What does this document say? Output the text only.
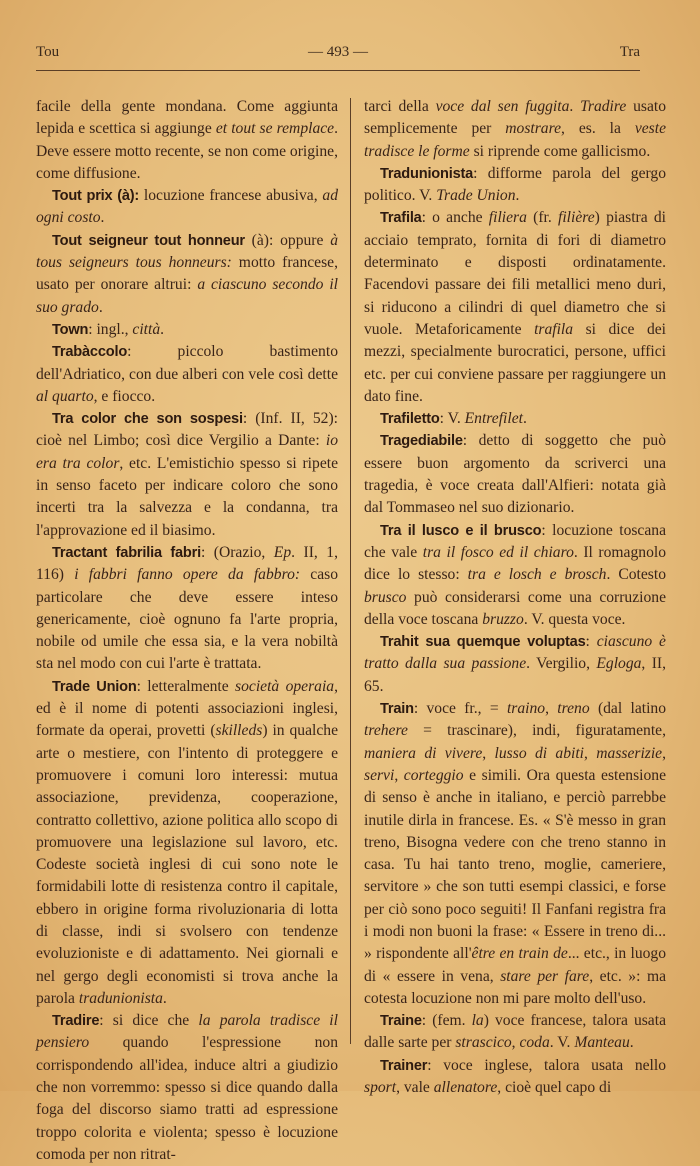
Tou	— 493 —	Tra

facile della gente mondana. Come aggiunta lepida e scettica si aggiunge et tout se remplace. Deve essere motto recente, se non come origine, come diffusione.

Tout prix (à): locuzione francese abusiva, ad ogni costo.

Tout seigneur tout honneur (à): oppure à tous seigneurs tous honneurs: motto francese, usato per onorare altrui: a ciascuno secondo il suo grado.

Town: ingl., città.

Trabàccolo: piccolo bastimento dell'Adriatico, con due alberi con vele così dette al quarto, e fiocco.

Tra color che son sospesi: (Inf. II, 52): cioè nel Limbo; così dice Vergilio a Dante: io era tra color, etc. L'emistichio spesso si ripete in senso faceto per indicare coloro che sono incerti tra la salvezza e la condanna, tra l'approvazione ed il biasimo.

Tractant fabrilia fabri: (Orazio, Ep. II, 1, 116) i fabbri fanno opere da fabbro: caso particolare che deve essere inteso genericamente, cioè ognuno fa l'arte propria, nobile od umile che essa sia, e la vera nobiltà sta nel modo con cui l'arte è trattata.

Trade Union: letteralmente società operaia, ed è il nome di potenti associazioni inglesi, formate da operai, provetti (skilleds) in qualche arte o mestiere, con l'intento di proteggere e promuovere i comuni loro interessi: mutua associazione, previdenza, cooperazione, contratto collettivo, azione politica allo scopo di promuovere una legislazione sul lavoro, etc. Codeste società inglesi di cui sono note le formidabili lotte di resistenza contro il capitale, ebbero in origine forma rivoluzionaria di lotta di classe, indi si svolsero con tendenze evoluzioniste e di adattamento. Nei giornali e nel gergo degli economisti si trova anche la parola tradunionista.

Tradire: si dice che la parola tradisce il pensiero quando l'espressione non corrispondendo all'idea, induce altri a giudizio che non vorremmo: spesso si dice quando dalla foga del discorso siamo tratti ad espressione troppo colorita e violenta; spesso è locuzione comoda per non ritrat-

tarci della voce dal sen fuggita. Tradire usato semplicemente per mostrare, es. la veste tradisce le forme si riprende come gallicismo.

Tradunionista: difforme parola del gergo politico. V. Trade Union.

Trafila: o anche filiera (fr. filière) piastra di acciaio temprato, fornita di fori di diametro determinato e disposti ordinatamente. Facendovi passare dei fili metallici meno duri, si riducono a cilindri di quel diametro che si vuole. Metaforicamente trafila si dice dei mezzi, specialmente burocratici, persone, uffici etc. per cui conviene passare per raggiungere un dato fine.

Trafiletto: V. Entrefilet.

Tragediabile: detto di soggetto che può essere buon argomento da scriverci una tragedia, è voce creata dall'Alfieri: notata già dal Tommaseo nel suo dizionario.

Tra il lusco e il brusco: locuzione toscana che vale tra il fosco ed il chiaro. Il romagnolo dice lo stesso: tra e losch e brosch. Cotesto brusco può considerarsi come una corruzione della voce toscana bruzzo. V. questa voce.

Trahit sua quemque voluptas: ciascuno è tratto dalla sua passione. Vergilio, Egloga, II, 65.

Train: voce fr., = traino, treno (dal latino trehere = trascinare), indi, figuratamente, maniera di vivere, lusso di abiti, masserizie, servi, corteggio e simili. Ora questa estensione di senso è anche in italiano, e perciò parrebbe inutile dirla in francese. Es. « S'è messo in gran treno, Bisogna vedere con che treno stanno in casa. Tu hai tanto treno, moglie, cameriere, servitore » che son tutti esempi classici, e forse per ciò sono poco seguiti! Il Fanfani registra fra i modi non buoni la frase: « Essere in treno di... » rispondente all'être en train de... etc., in luogo di « essere in vena, stare per fare, etc. »: ma cotesta locuzione non mi pare molto dell'uso.

Traine: (fem. la) voce francese, talora usata dalle sarte per strascico, coda. V. Manteau.

Trainer: voce inglese, talora usata nello sport, vale allenatore, cioè quel capo di
